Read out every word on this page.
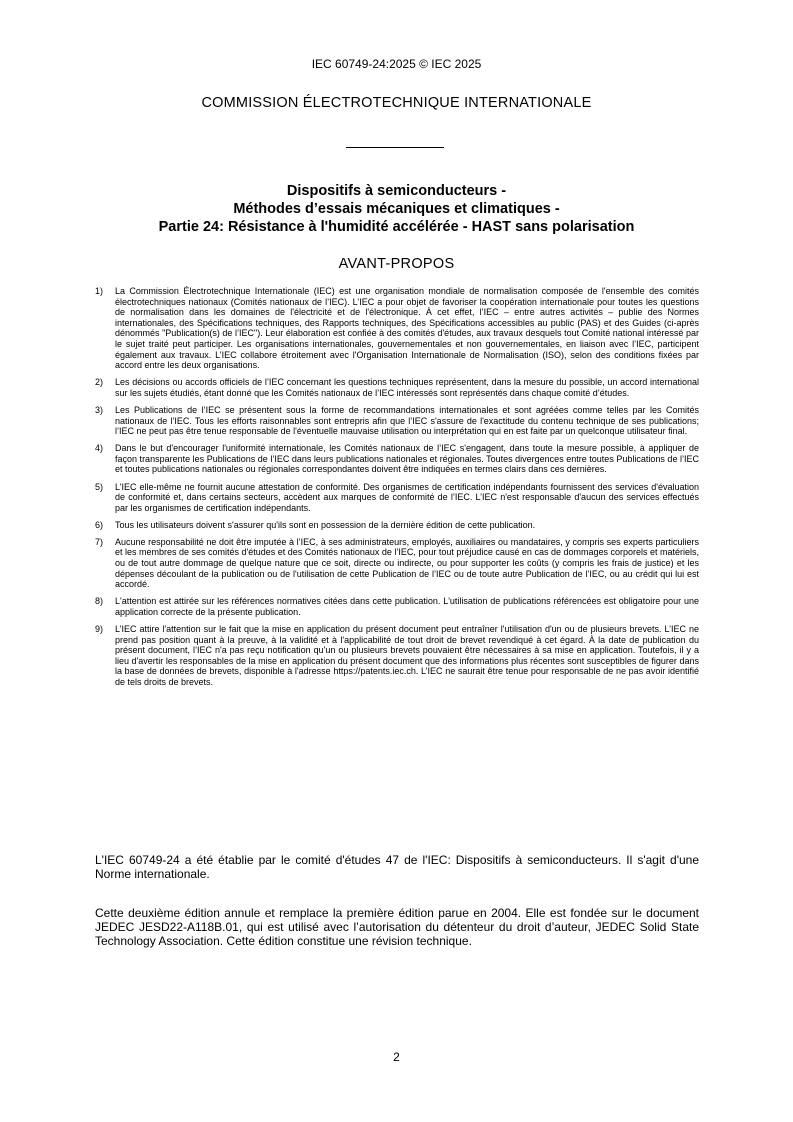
IEC 60749-24:2025 © IEC 2025
COMMISSION ÉLECTROTECHNIQUE INTERNATIONALE
Dispositifs à semiconducteurs -
Méthodes d’essais mécaniques et climatiques -
Partie 24: Résistance à l'humidité accélérée - HAST sans polarisation
AVANT-PROPOS
1)	La Commission Électrotechnique Internationale (IEC) est une organisation mondiale de normalisation composée de l'ensemble des comités électrotechniques nationaux (Comités nationaux de l’IEC). L’IEC a pour objet de favoriser la coopération internationale pour toutes les questions de normalisation dans les domaines de l'électricité et de l'électronique. À cet effet, l’IEC – entre autres activités – publie des Normes internationales, des Spécifications techniques, des Rapports techniques, des Spécifications accessibles au public (PAS) et des Guides (ci-après dénommés "Publication(s) de l’IEC"). Leur élaboration est confiée à des comités d'études, aux travaux desquels tout Comité national intéressé par le sujet traité peut participer. Les organisations internationales, gouvernementales et non gouvernementales, en liaison avec l’IEC, participent également aux travaux. L’IEC collabore étroitement avec l'Organisation Internationale de Normalisation (ISO), selon des conditions fixées par accord entre les deux organisations.
2)	Les décisions ou accords officiels de l’IEC concernant les questions techniques représentent, dans la mesure du possible, un accord international sur les sujets étudiés, étant donné que les Comités nationaux de l’IEC intéressés sont représentés dans chaque comité d’études.
3)	Les Publications de l’IEC se présentent sous la forme de recommandations internationales et sont agréées comme telles par les Comités nationaux de l’IEC. Tous les efforts raisonnables sont entrepris afin que l’IEC s'assure de l'exactitude du contenu technique de ses publications; l’IEC ne peut pas être tenue responsable de l'éventuelle mauvaise utilisation ou interprétation qui en est faite par un quelconque utilisateur final.
4)	Dans le but d'encourager l'uniformité internationale, les Comités nationaux de l’IEC s'engagent, dans toute la mesure possible, à appliquer de façon transparente les Publications de l’IEC dans leurs publications nationales et régionales. Toutes divergences entre toutes Publications de l’IEC et toutes publications nationales ou régionales correspondantes doivent être indiquées en termes clairs dans ces dernières.
5)	L’IEC elle-même ne fournit aucune attestation de conformité. Des organismes de certification indépendants fournissent des services d'évaluation de conformité et, dans certains secteurs, accèdent aux marques de conformité de l’IEC. L’IEC n'est responsable d'aucun des services effectués par les organismes de certification indépendants.
6)	Tous les utilisateurs doivent s'assurer qu'ils sont en possession de la dernière édition de cette publication.
7)	Aucune responsabilité ne doit être imputée à l’IEC, à ses administrateurs, employés, auxiliaires ou mandataires, y compris ses experts particuliers et les membres de ses comités d'études et des Comités nationaux de l’IEC, pour tout préjudice causé en cas de dommages corporels et matériels, ou de tout autre dommage de quelque nature que ce soit, directe ou indirecte, ou pour supporter les coûts (y compris les frais de justice) et les dépenses découlant de la publication ou de l'utilisation de cette Publication de l’IEC ou de toute autre Publication de l’IEC, ou au crédit qui lui est accordé.
8)	L'attention est attirée sur les références normatives citées dans cette publication. L'utilisation de publications référencées est obligatoire pour une application correcte de la présente publication.
9)	L’IEC attire l'attention sur le fait que la mise en application du présent document peut entraîner l'utilisation d'un ou de plusieurs brevets. L’IEC ne prend pas position quant à la preuve, à la validité et à l'applicabilité de tout droit de brevet revendiqué à cet égard. À la date de publication du présent document, l’IEC n'a pas reçu notification qu'un ou plusieurs brevets pouvaient être nécessaires à sa mise en application. Toutefois, il y a lieu d'avertir les responsables de la mise en application du présent document que des informations plus récentes sont susceptibles de figurer dans la base de données de brevets, disponible à l'adresse https://patents.iec.ch. L’IEC ne saurait être tenue pour responsable de ne pas avoir identifié de tels droits de brevets.

L'IEC 60749-24 a été établie par le comité d'études 47 de l'IEC: Dispositifs à semiconducteurs. Il s'agit d'une Norme internationale.

Cette deuxième édition annule et remplace la première édition parue en 2004. Elle est fondée sur le document JEDEC JESD22-A118B.01, qui est utilisé avec l’autorisation du détenteur du droit d’auteur, JEDEC Solid State Technology Association. Cette édition constitue une révision technique.

2
